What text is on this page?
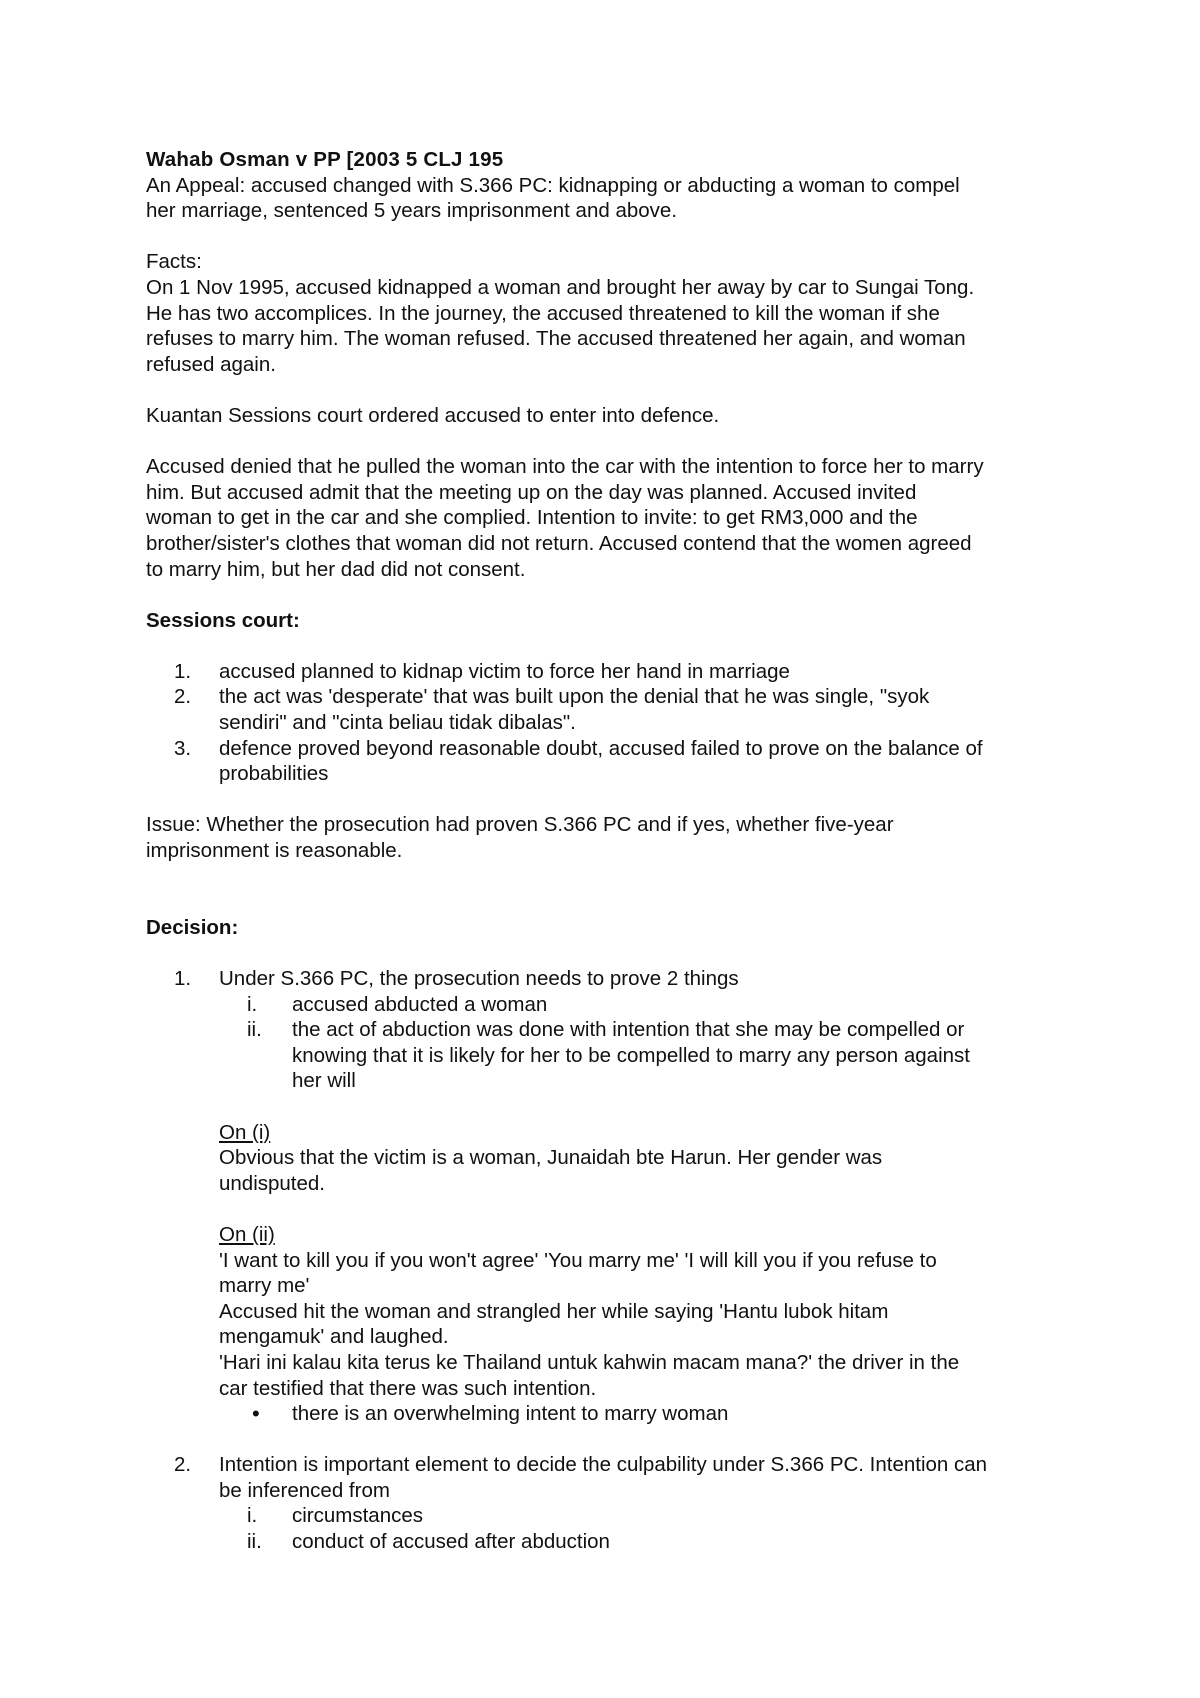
Wahab Osman v PP [2003 5 CLJ 195

An Appeal: accused changed with S.366 PC: kidnapping or abducting a woman to compel

her marriage, sentenced 5 years imprisonment and above.

Facts:

On 1 Nov 1995, accused kidnapped a woman and brought her away by car to Sungai Tong.

He has two accomplices. In the journey, the accused threatened to kill the woman if she

refuses to marry him. The woman refused. The accused threatened her again, and woman

refused again.

Kuantan Sessions court ordered accused to enter into defence.

Accused denied that he pulled the woman into the car with the intention to force her to marry

him. But accused admit that the meeting up on the day was planned. Accused invited

woman to get in the car and she complied. Intention to invite: to get RM3,000 and the

brother/sister's clothes that woman did not return. Accused contend that the women agreed

to marry him, but her dad did not consent.

Sessions court:

1. accused planned to kidnap victim to force her hand in marriage

2. the act was 'desperate' that was built upon the denial that he was single, "syok

sendiri" and "cinta beliau tidak dibalas".

3. defence proved beyond reasonable doubt, accused failed to prove on the balance of

probabilities

Issue: Whether the prosecution had proven S.366 PC and if yes, whether five-year

imprisonment is reasonable.

Decision:

1. Under S.366 PC, the prosecution needs to prove 2 things

i. accused abducted a woman

ii. the act of abduction was done with intention that she may be compelled or

knowing that it is likely for her to be compelled to marry any person against

her will

On (i)

Obvious that the victim is a woman, Junaidah bte Harun. Her gender was

undisputed.

On (ii)

'I want to kill you if you won't agree' 'You marry me' 'I will kill you if you refuse to

marry me'

Accused hit the woman and strangled her while saying 'Hantu lubok hitam

mengamuk' and laughed.

'Hari ini kalau kita terus ke Thailand untuk kahwin macam mana?' the driver in the

car testified that there was such intention.

• there is an overwhelming intent to marry woman

2. Intention is important element to decide the culpability under S.366 PC. Intention can

be inferenced from

i. circumstances

ii. conduct of accused after abduction
